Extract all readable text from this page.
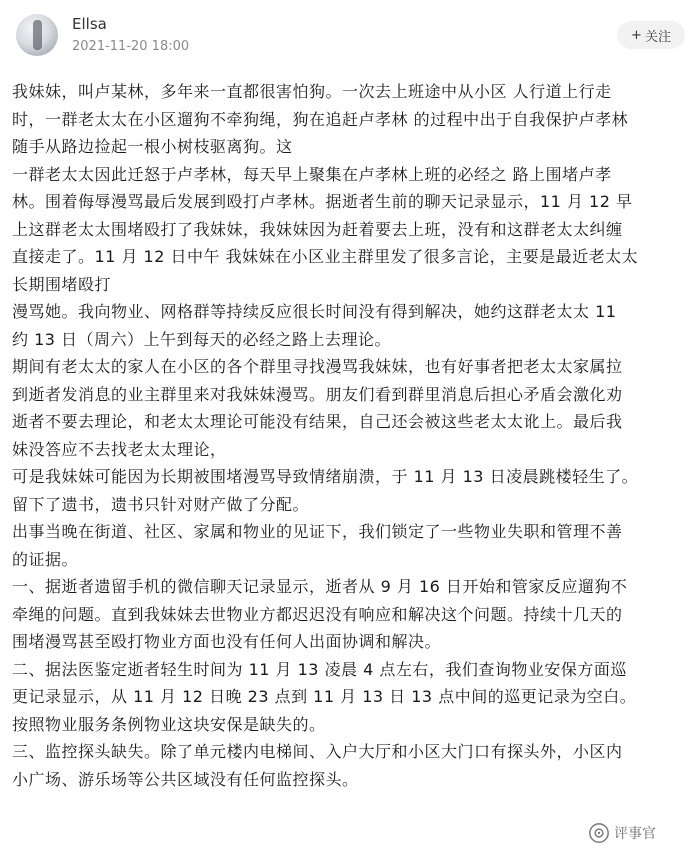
Ellsa
2021-11-20 18:00
+ 关注

我妹妹，叫卢某林，多年来一直都很害怕狗。一次去上班途中从小区 人行道上行走
时，一群老太太在小区遛狗不牵狗绳，狗在追赶卢孝林 的过程中出于自我保护卢孝林
随手从路边捡起一根小树枝驱离狗。这

一群老太太因此迁怒于卢孝林，每天早上聚集在卢孝林上班的必经之 路上围堵卢孝
林。围着侮辱漫骂最后发展到殴打卢孝林。据逝者生前的聊天记录显示，11 月 12 早
上这群老太太围堵殴打了我妹妹，我妹妹因为赶着要去上班，没有和这群老太太纠缠
直接走了。11 月 12 日中午 我妹妹在小区业主群里发了很多言论，主要是最近老太太
长期围堵殴打

漫骂她。我向物业、网格群等持续反应很长时间没有得到解决，她约这群老太太 11
约 13 日（周六）上午到每天的必经之路上去理论。

期间有老太太的家人在小区的各个群里寻找漫骂我妹妹，也有好事者把老太太家属拉
到逝者发消息的业主群里来对我妹妹漫骂。朋友们看到群里消息后担心矛盾会激化劝
逝者不要去理论，和老太太理论可能没有结果，自己还会被这些老太太讹上。最后我
妹没答应不去找老太太理论，

可是我妹妹可能因为长期被围堵漫骂导致情绪崩溃，于 11 月 13 日凌晨跳楼轻生了。
留下了遗书，遗书只针对财产做了分配。

出事当晚在街道、社区、家属和物业的见证下，我们锁定了一些物业失职和管理不善
的证据。

一、据逝者遗留手机的微信聊天记录显示，逝者从 9 月 16 日开始和管家反应遛狗不
牵绳的问题。直到我妹妹去世物业方都迟迟没有响应和解决这个问题。持续十几天的
围堵漫骂甚至殴打物业方面也没有任何人出面协调和解决。

二、据法医鉴定逝者轻生时间为 11 月 13 凌晨 4 点左右，我们查询物业安保方面巡
更记录显示，从 11 月 12 日晚 23 点到 11 月 13 日 13 点中间的巡更记录为空白。
按照物业服务条例物业这块安保是缺失的。

三、监控探头缺失。除了单元楼内电梯间、入户大厅和小区大门口有探头外，小区内
小广场、游乐场等公共区域没有任何监控探头。

评事官
